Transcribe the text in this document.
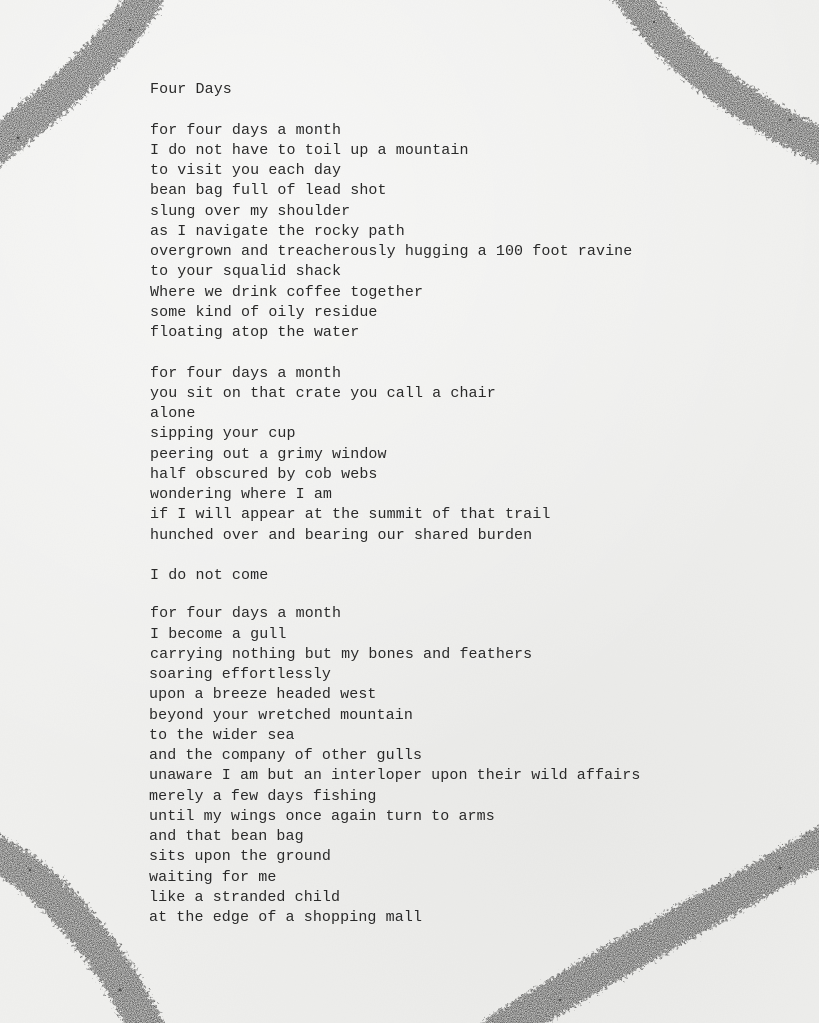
Four Days
for four days a month
I do not have to toil up a mountain
to visit you each day
bean bag full of lead shot
slung over my shoulder
as I navigate the rocky path
overgrown and treacherously hugging a 100 foot ravine
to your squalid shack
Where we drink coffee together
some kind of oily residue
floating atop the water
for four days a month
you sit on that crate you call a chair
alone
sipping your cup
peering out a grimy window
half obscured by cob webs
wondering where I am
if I will appear at the summit of that trail
hunched over and bearing our shared burden
I do not come
for four days a month
I become a gull
carrying nothing but my bones and feathers
soaring effortlessly
upon a breeze headed west
beyond your wretched mountain
to the wider sea
and the company of other gulls
unaware I am but an interloper upon their wild affairs
merely a few days fishing
until my wings once again turn to arms
and that bean bag
sits upon the ground
waiting for me
like a stranded child
at the edge of a shopping mall
